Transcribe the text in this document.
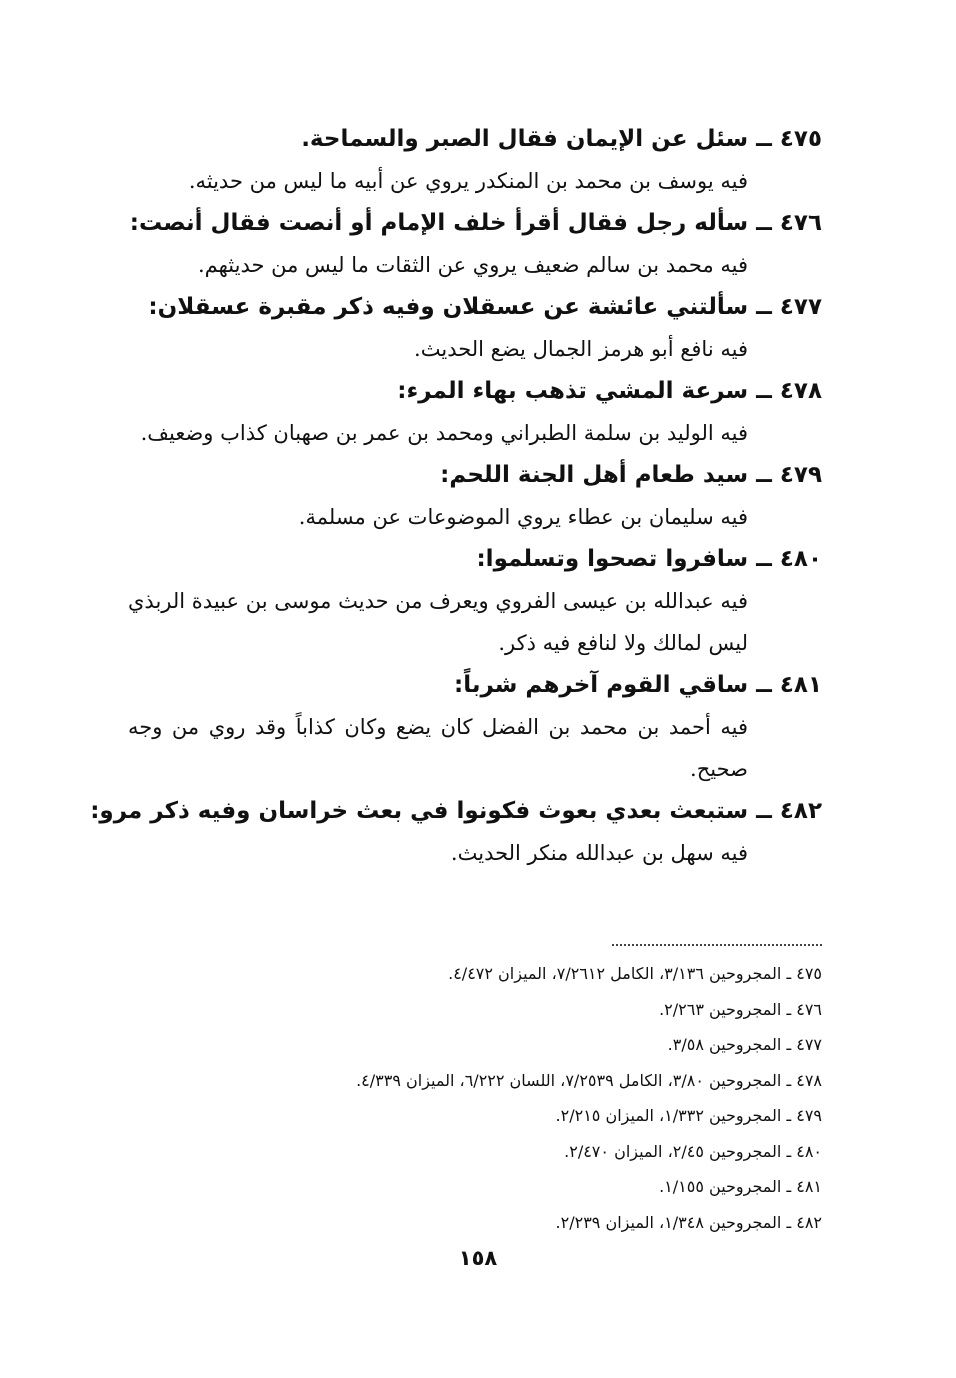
٤٧٥ ــ سئل عن الإيمان فقال الصبر والسماحة.
فيه يوسف بن محمد بن المنكدر يروي عن أبيه ما ليس من حديثه.
٤٧٦ ــ سأله رجل فقال أقرأ خلف الإمام أو أنصت فقال أنصت:
فيه محمد بن سالم ضعيف يروي عن الثقات ما ليس من حديثهم.
٤٧٧ ــ سألتني عائشة عن عسقلان وفيه ذكر مقبرة عسقلان:
فيه نافع أبو هرمز الجمال يضع الحديث.
٤٧٨ ــ سرعة المشي تذهب بهاء المرء:
فيه الوليد بن سلمة الطبراني ومحمد بن عمر بن صهبان كذاب وضعيف.
٤٧٩ ــ سيد طعام أهل الجنة اللحم:
فيه سليمان بن عطاء يروي الموضوعات عن مسلمة.
٤٨٠ ــ سافروا تصحوا وتسلموا:
فيه عبدالله بن عيسى الفروي ويعرف من حديث موسى بن عبيدة الربذي ليس لمالك ولا لنافع فيه ذكر.
٤٨١ ــ ساقي القوم آخرهم شرباً:
فيه أحمد بن محمد بن الفضل كان يضع وكان كذاباً وقد روي من وجه صحيح.
٤٨٢ ــ ستبعث بعدي بعوث فكونوا في بعث خراسان وفيه ذكر مرو:
فيه سهل بن عبدالله منكر الحديث.
٤٧٥ ـ المجروحين ٣/١٣٦، الكامل ٧/٢٦١٢، الميزان ٤/٤٧٢.
٤٧٦ ـ المجروحين ٢/٢٦٣.
٤٧٧ ـ المجروحين ٣/٥٨.
٤٧٨ ـ المجروحين ٣/٨٠، الكامل ٧/٢٥٣٩، اللسان ٦/٢٢٢، الميزان ٤/٣٣٩.
٤٧٩ ـ المجروحين ١/٣٣٢، الميزان ٢/٢١٥.
٤٨٠ ـ المجروحين ٢/٤٥، الميزان ٢/٤٧٠.
٤٨١ ـ المجروحين ١/١٥٥.
٤٨٢ ـ المجروحين ١/٣٤٨، الميزان ٢/٢٣٩.
١٥٨
